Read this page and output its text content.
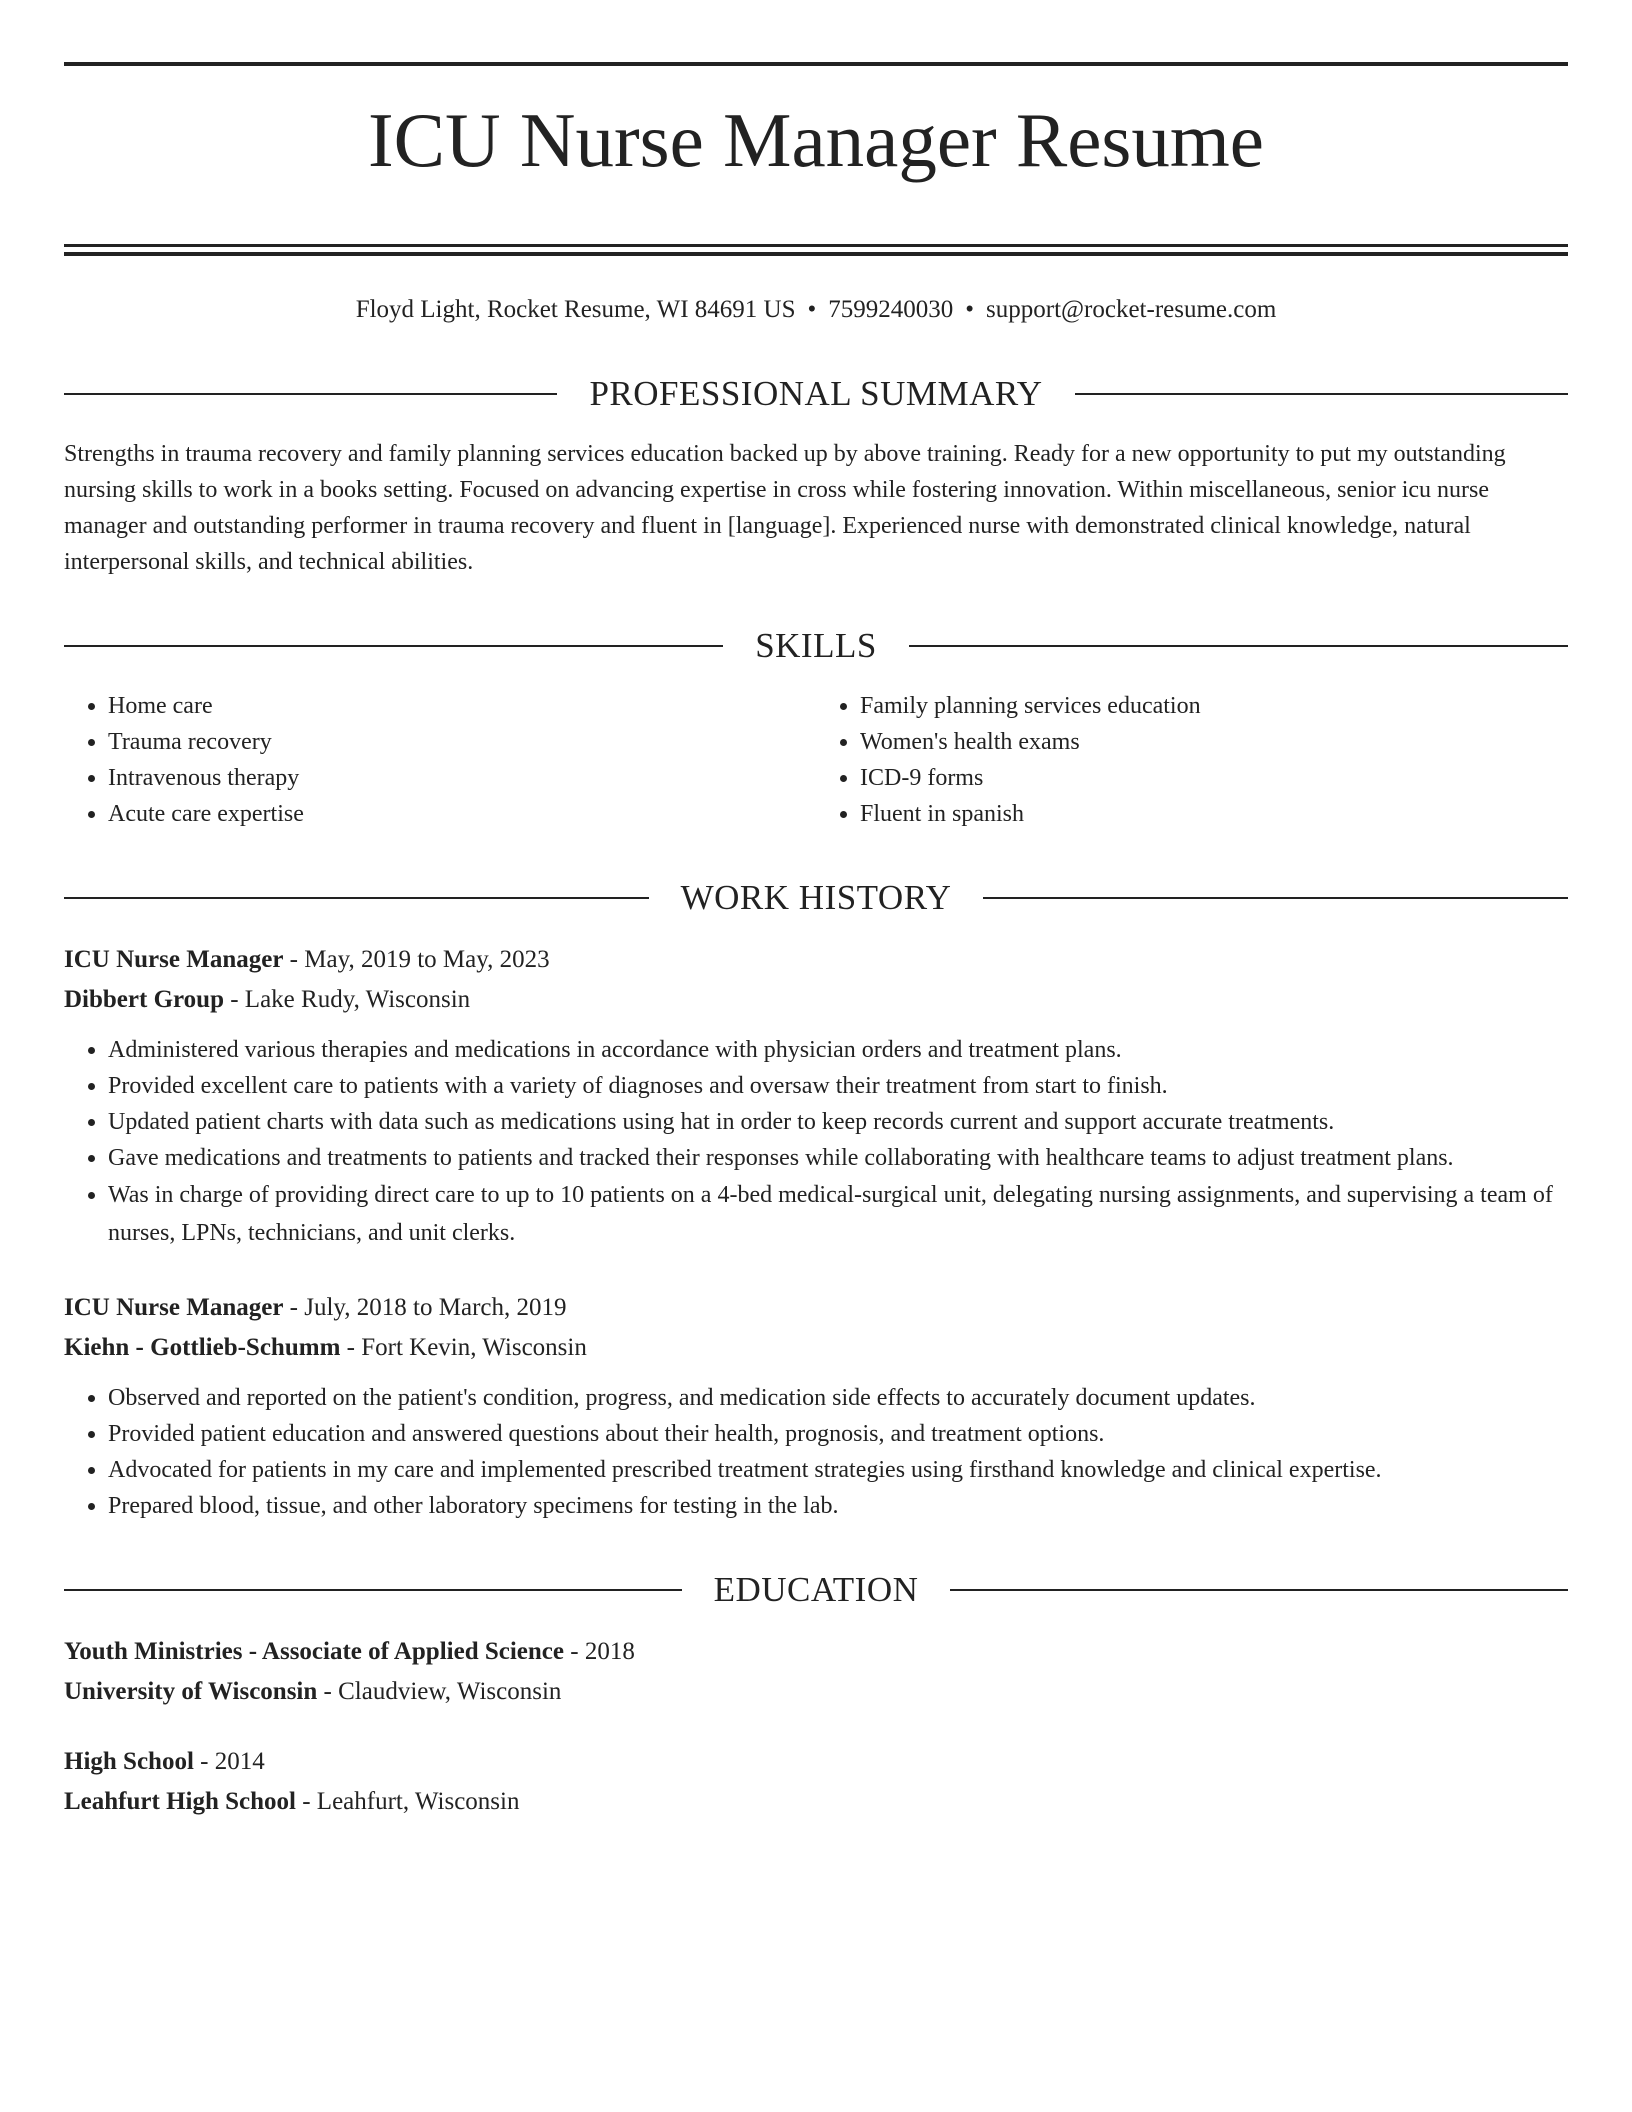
ICU Nurse Manager Resume
Floyd Light, Rocket Resume, WI 84691 US • 7599240030 • support@rocket-resume.com
PROFESSIONAL SUMMARY
Strengths in trauma recovery and family planning services education backed up by above training. Ready for a new opportunity to put my outstanding nursing skills to work in a books setting. Focused on advancing expertise in cross while fostering innovation. Within miscellaneous, senior icu nurse manager and outstanding performer in trauma recovery and fluent in [language]. Experienced nurse with demonstrated clinical knowledge, natural interpersonal skills, and technical abilities.
SKILLS
• Home care
• Trauma recovery
• Intravenous therapy
• Acute care expertise
• Family planning services education
• Women's health exams
• ICD-9 forms
• Fluent in spanish
WORK HISTORY
ICU Nurse Manager - May, 2019 to May, 2023
Dibbert Group - Lake Rudy, Wisconsin
• Administered various therapies and medications in accordance with physician orders and treatment plans.
• Provided excellent care to patients with a variety of diagnoses and oversaw their treatment from start to finish.
• Updated patient charts with data such as medications using hat in order to keep records current and support accurate treatments.
• Gave medications and treatments to patients and tracked their responses while collaborating with healthcare teams to adjust treatment plans.
• Was in charge of providing direct care to up to 10 patients on a 4-bed medical-surgical unit, delegating nursing assignments, and supervising a team of nurses, LPNs, technicians, and unit clerks.
ICU Nurse Manager - July, 2018 to March, 2019
Kiehn - Gottlieb-Schumm - Fort Kevin, Wisconsin
• Observed and reported on the patient's condition, progress, and medication side effects to accurately document updates.
• Provided patient education and answered questions about their health, prognosis, and treatment options.
• Advocated for patients in my care and implemented prescribed treatment strategies using firsthand knowledge and clinical expertise.
• Prepared blood, tissue, and other laboratory specimens for testing in the lab.
EDUCATION
Youth Ministries - Associate of Applied Science - 2018
University of Wisconsin - Claudview, Wisconsin
High School - 2014
Leahfurt High School - Leahfurt, Wisconsin
